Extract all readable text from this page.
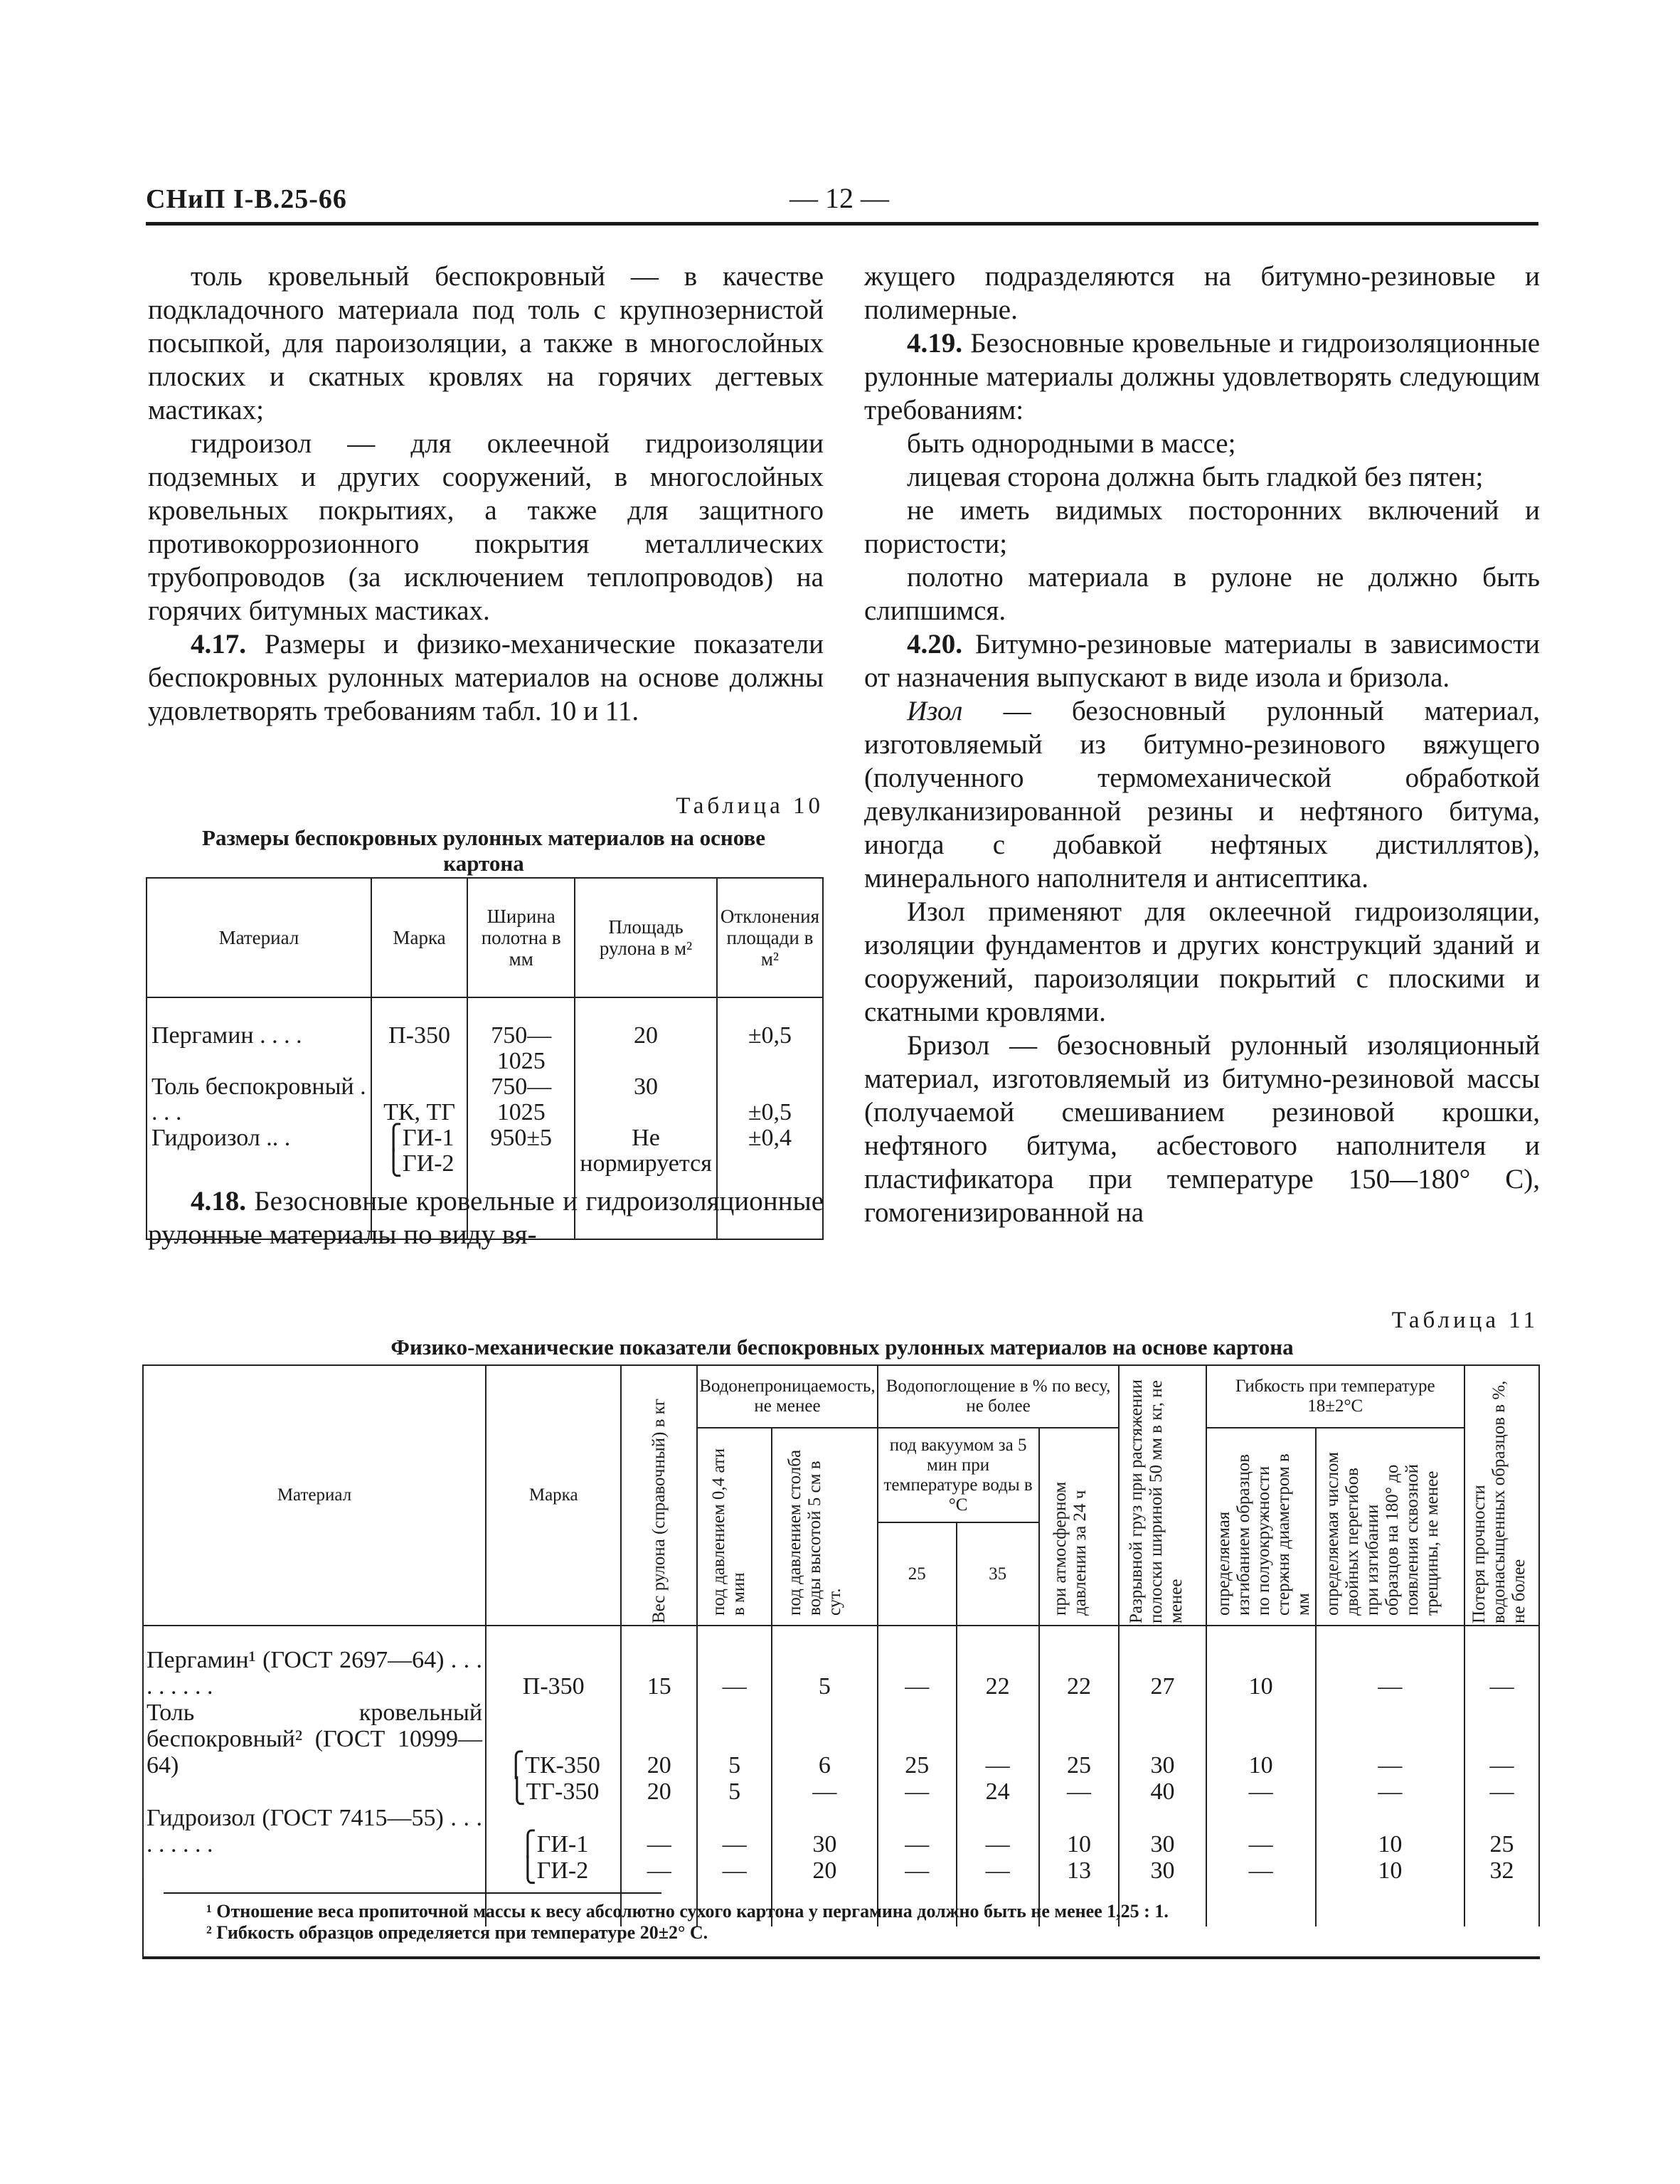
СНиП I-В.25-66	— 12 —

толь кровельный беспокровный — в качестве подкладочного материала под толь с крупнозернистой посыпкой, для пароизоляции, а также в многослойных плоских и скатных кровлях на горячих дегтевых мастиках;

гидроизол — для оклеечной гидроизоляции подземных и других сооружений, в многослойных кровельных покрытиях, а также для защитного противокоррозионного покрытия металлических трубопроводов (за исключением теплопроводов) на горячих битумных мастиках.

4.17. Размеры и физико-механические показатели беспокровных рулонных материалов на основе должны удовлетворять требованиям табл. 10 и 11.

Таблица 10
Размеры беспокровных рулонных материалов на основе картона
Материал	Марка	Ширина полотна в мм	Площадь рулона в м²	Отклонения площади в м²

Пергамин . . . .	П-350	750—1025	20	±0,5
Толь беспокровный . . . .	ТК, ТГ	750—1025	30	±0,5
Гидроизол .. .	⎧ГИ-1 ⎩ГИ-2	950±5	Не нормируется	±0,4

4.18. Безосновные кровельные и гидроизоляционные рулонные материалы по виду вя-

жущего подразделяются на битумно-резиновые и полимерные.

4.19. Безосновные кровельные и гидроизоляционные рулонные материалы должны удовлетворять следующим требованиям:

быть однородными в массе;

лицевая сторона должна быть гладкой без пятен;

не иметь видимых посторонних включений и пористости;

полотно материала в рулоне не должно быть слипшимся.

4.20. Битумно-резиновые материалы в зависимости от назначения выпускают в виде изола и бризола.

Изол — безосновный рулонный материал, изготовляемый из битумно-резинового вяжущего (полученного термомеханической обработкой девулканизированной резины и нефтяного битума, иногда с добавкой нефтяных дистиллятов), минерального наполнителя и антисептика.

Изол применяют для оклеечной гидроизоляции, изоляции фундаментов и других конструкций зданий и сооружений, пароизоляции покрытий с плоскими и скатными кровлями.

Бризол — безосновный рулонный изоляционный материал, изготовляемый из битумно-резиновой массы (получаемой смешиванием резиновой крошки, нефтяного битума, асбестового наполнителя и пластификатора при температуре 150—180° С), гомогенизированной на

Таблица 11
Физико-механические показатели беспокровных рулонных материалов на основе картона
Материал	Марка	Вес рулона (справочный) в кг	Водонепроницаемость, не менее		Водопоглощение в % по весу, не более			Разрывной груз при растяжении полоски шириной 50 мм в кг, не менее	Гибкость при температуре 18±2°С		Потеря прочности водонасыщенных образцов в %, не более

			под давлением 0,4 ати в мин	под давлением столба воды высотой 5 см в сут.	под вакуумом за 5 мин при температуре воды в °С		при атмосферном давлении за 24 ч		определяемая изгибанием образцов по полуокружности стержня диаметром в мм	определяемая числом двойных перегибов при изгибании образцов на 180° до появления сквозной трещины, не менее	

					25	35					

Пергамин¹ (ГОСТ 2697—64) . . . . . . . . .	П-350	15	—	5	—	22	22	27	10	—	—
Толь кровельный беспокровный² (ГОСТ 10999—64)	⎧ТК-350	20	5	6	25	—	25	30	10	—	—
	⎩ТГ-350	20	5	—	—	24	—	40	—	—	—
Гидроизол (ГОСТ 7415—55) . . . . . . . . .	⎧ГИ-1	—	—	30	—	—	10	30	—	10	25
	⎩ГИ-2	—	—	20	—	—	13	30	—	10	32

¹ Отношение веса пропиточной массы к весу абсолютно сухого картона у пергамина должно быть не менее 1,25 : 1.
² Гибкость образцов определяется при температуре 20±2° С.
